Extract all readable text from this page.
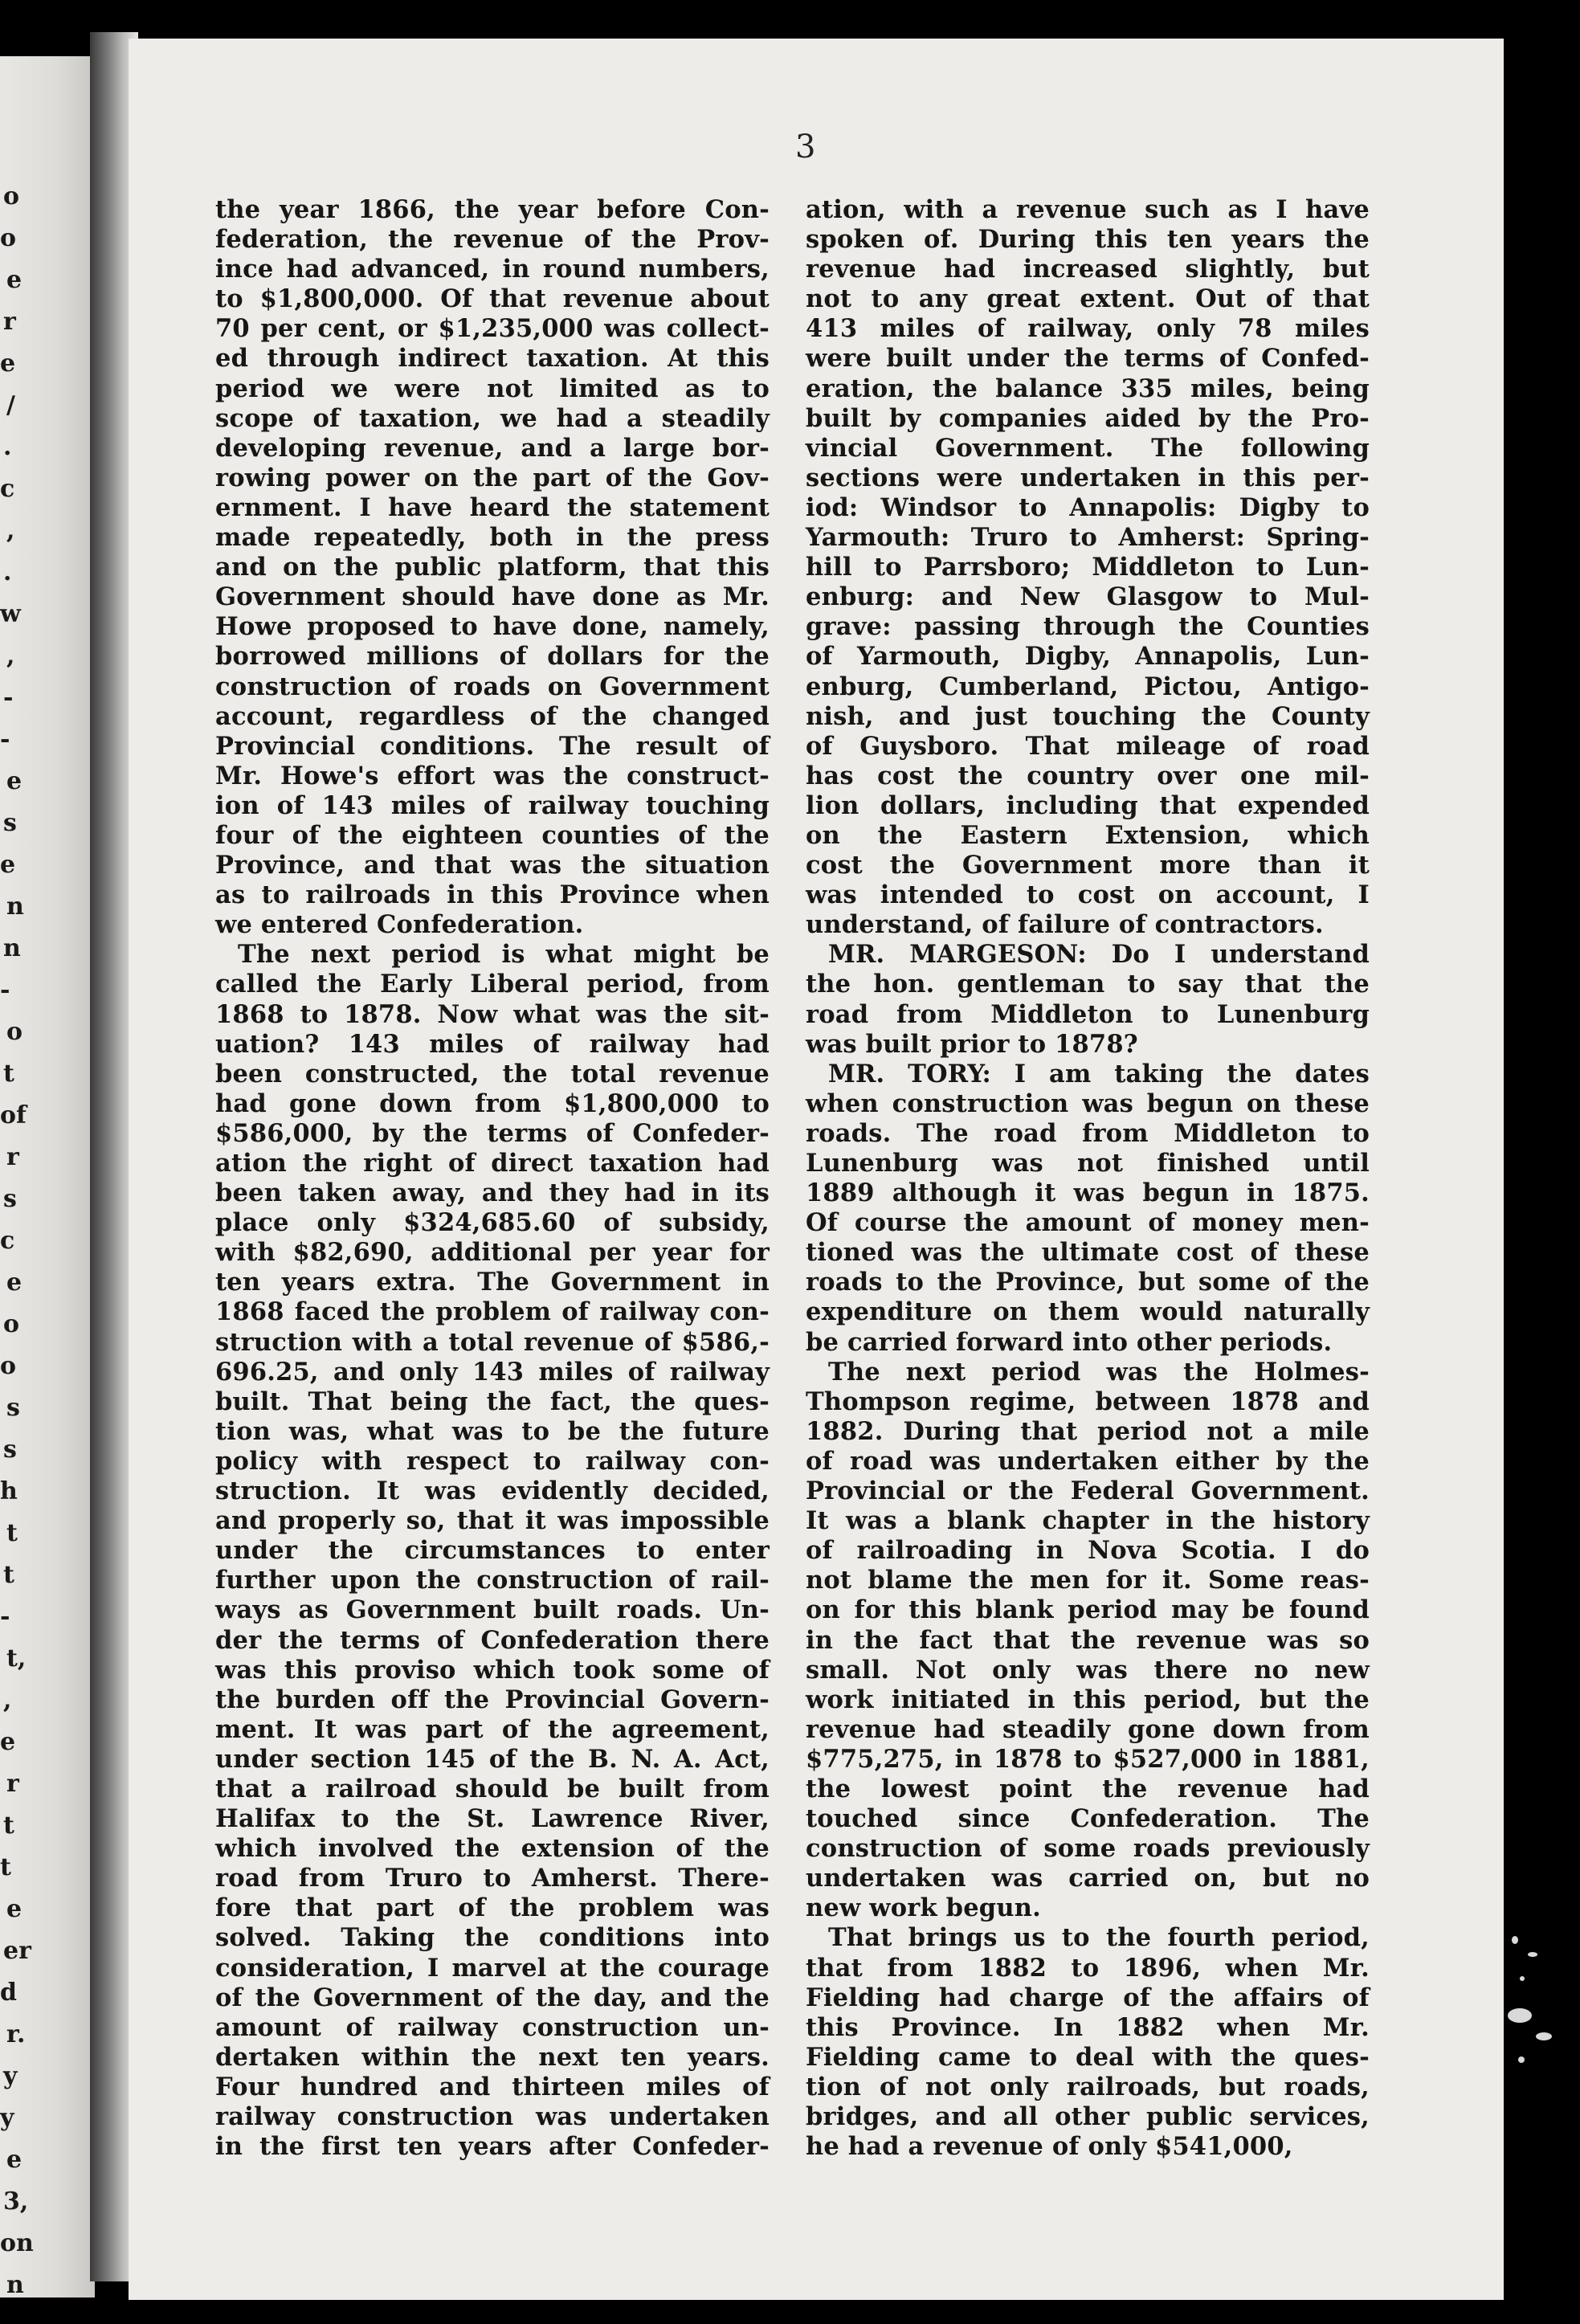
o
o
e
r
e
/
.
c
,
.
w
,
-
-
e
s
e
n
n
-
o
t
of
r
s
c
e
o
o
s
s
h
t
t
-
t,
,
e
r
t
t
e
er
d
r.
y
y
e
3,
on
n
3
the year 1866, the year before Con-
federation, the revenue of the Prov-
ince had advanced, in round numbers,
to $1,800,000. Of that revenue about
70 per cent, or $1,235,000 was collect-
ed through indirect taxation. At this
period we were not limited as to
scope of taxation, we had a steadily
developing revenue, and a large bor-
rowing power on the part of the Gov-
ernment. I have heard the statement
made repeatedly, both in the press
and on the public platform, that this
Government should have done as Mr.
Howe proposed to have done, namely,
borrowed millions of dollars for the
construction of roads on Government
account, regardless of the changed
Provincial conditions. The result of
Mr. Howe's effort was the construct-
ion of 143 miles of railway touching
four of the eighteen counties of the
Province, and that was the situation
as to railroads in this Province when
we entered Confederation.
The next period is what might be
called the Early Liberal period, from
1868 to 1878. Now what was the sit-
uation? 143 miles of railway had
been constructed, the total revenue
had gone down from $1,800,000 to
$586,000, by the terms of Confeder-
ation the right of direct taxation had
been taken away, and they had in its
place only $324,685.60 of subsidy,
with $82,690, additional per year for
ten years extra. The Government in
1868 faced the problem of railway con-
struction with a total revenue of $586,-
696.25, and only 143 miles of railway
built. That being the fact, the ques-
tion was, what was to be the future
policy with respect to railway con-
struction. It was evidently decided,
and properly so, that it was impossible
under the circumstances to enter
further upon the construction of rail-
ways as Government built roads. Un-
der the terms of Confederation there
was this proviso which took some of
the burden off the Provincial Govern-
ment. It was part of the agreement,
under section 145 of the B. N. A. Act,
that a railroad should be built from
Halifax to the St. Lawrence River,
which involved the extension of the
road from Truro to Amherst. There-
fore that part of the problem was
solved. Taking the conditions into
consideration, I marvel at the courage
of the Government of the day, and the
amount of railway construction un-
dertaken within the next ten years.
Four hundred and thirteen miles of
railway construction was undertaken
in the first ten years after Confeder-
ation, with a revenue such as I have
spoken of. During this ten years the
revenue had increased slightly, but
not to any great extent. Out of that
413 miles of railway, only 78 miles
were built under the terms of Confed-
eration, the balance 335 miles, being
built by companies aided by the Pro-
vincial Government. The following
sections were undertaken in this per-
iod: Windsor to Annapolis: Digby to
Yarmouth: Truro to Amherst: Spring-
hill to Parrsboro; Middleton to Lun-
enburg: and New Glasgow to Mul-
grave: passing through the Counties
of Yarmouth, Digby, Annapolis, Lun-
enburg, Cumberland, Pictou, Antigo-
nish, and just touching the County
of Guysboro. That mileage of road
has cost the country over one mil-
lion dollars, including that expended
on the Eastern Extension, which
cost the Government more than it
was intended to cost on account, I
understand, of failure of contractors.
MR. MARGESON: Do I understand
the hon. gentleman to say that the
road from Middleton to Lunenburg
was built prior to 1878?
MR. TORY: I am taking the dates
when construction was begun on these
roads. The road from Middleton to
Lunenburg was not finished until
1889 although it was begun in 1875.
Of course the amount of money men-
tioned was the ultimate cost of these
roads to the Province, but some of the
expenditure on them would naturally
be carried forward into other periods.
The next period was the Holmes-
Thompson regime, between 1878 and
1882. During that period not a mile
of road was undertaken either by the
Provincial or the Federal Government.
It was a blank chapter in the history
of railroading in Nova Scotia. I do
not blame the men for it. Some reas-
on for this blank period may be found
in the fact that the revenue was so
small. Not only was there no new
work initiated in this period, but the
revenue had steadily gone down from
$775,275, in 1878 to $527,000 in 1881,
the lowest point the revenue had
touched since Confederation. The
construction of some roads previously
undertaken was carried on, but no
new work begun.
That brings us to the fourth period,
that from 1882 to 1896, when Mr.
Fielding had charge of the affairs of
this Province. In 1882 when Mr.
Fielding came to deal with the ques-
tion of not only railroads, but roads,
bridges, and all other public services,
he had a revenue of only $541,000,
